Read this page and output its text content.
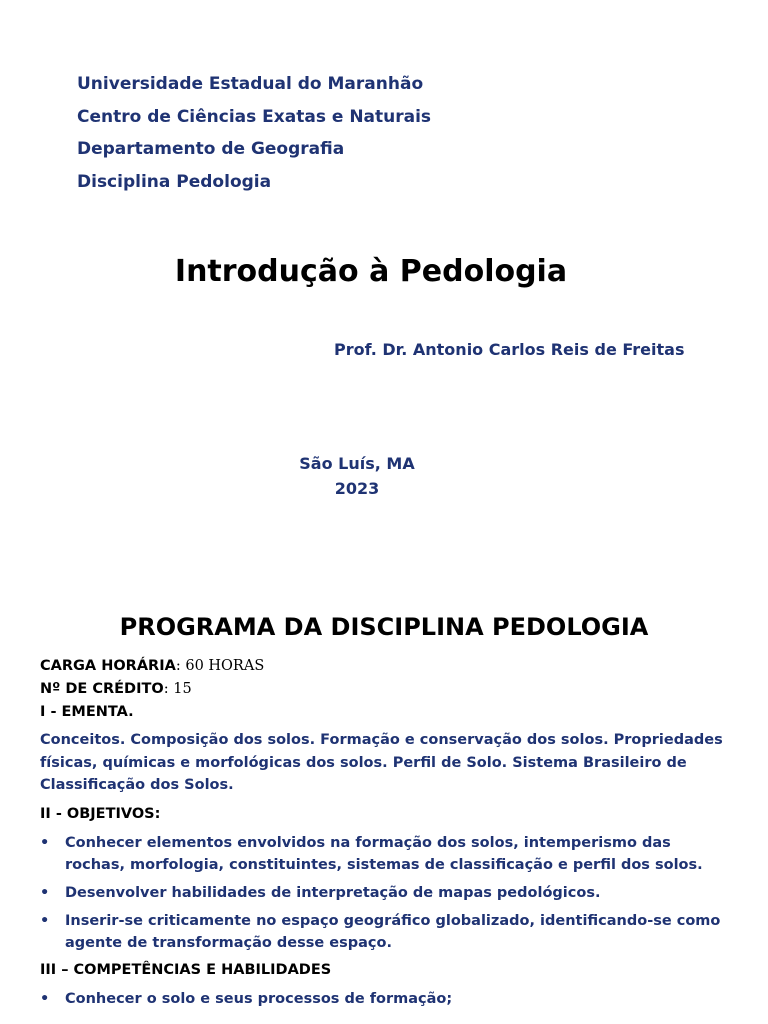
Universidade Estadual do Maranhão
Centro de Ciências Exatas e Naturais
Departamento de Geografia
Disciplina Pedologia
Introdução à Pedologia
Prof. Dr. Antonio Carlos Reis de Freitas
São Luís, MA
2023
PROGRAMA DA DISCIPLINA PEDOLOGIA
CARGA HORÁRIA: 60 HORAS
Nº DE CRÉDITO: 15
I - EMENTA.
Conceitos. Composição dos solos. Formação e conservação dos solos. Propriedades físicas, químicas e morfológicas dos solos. Perfil de Solo. Sistema Brasileiro de Classificação dos Solos.
II - OBJETIVOS:
•	Conhecer elementos envolvidos na formação dos solos, intemperismo das rochas, morfologia, constituintes, sistemas de classificação e perfil dos solos.
•	Desenvolver habilidades de interpretação de mapas pedológicos.
•	Inserir-se criticamente no espaço geográfico globalizado, identificando-se como agente de transformação desse espaço.
III – COMPETÊNCIAS E HABILIDADES
•	Conhecer o solo e seus processos de formação;
